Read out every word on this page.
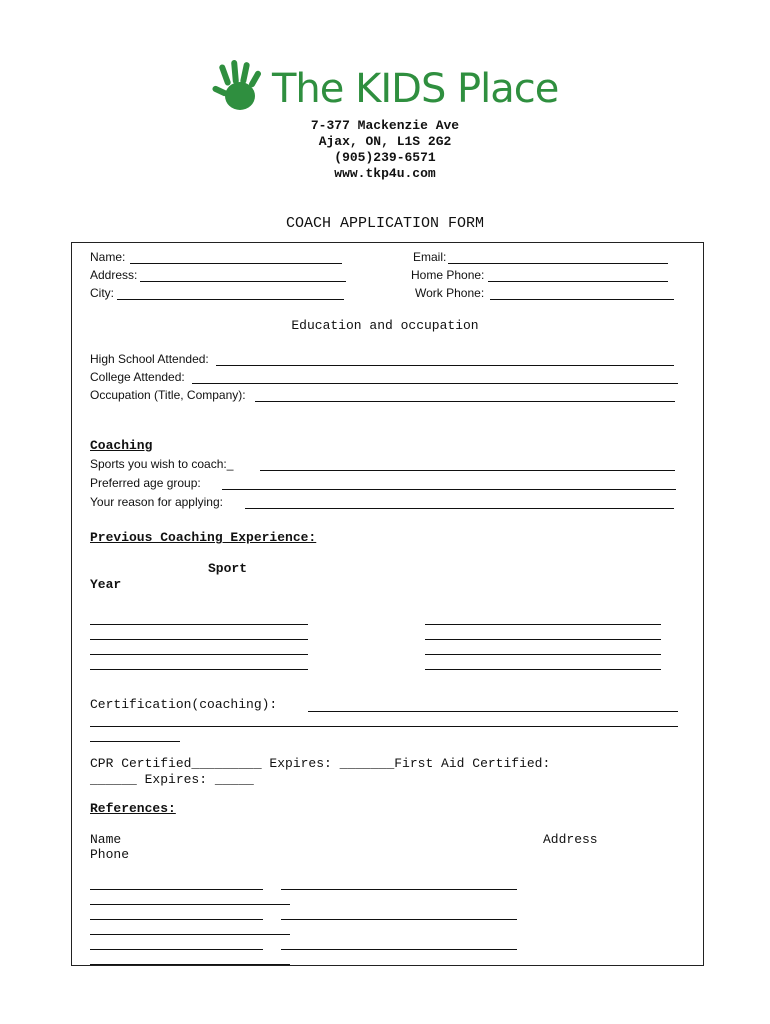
The KIDS Place
7-377 Mackenzie Ave
Ajax, ON, L1S 2G2
(905)239-6571
www.tkp4u.com
COACH APPLICATION FORM
Name:
Address:
City:
Email:
Home Phone:
Work Phone:
Education and occupation
High School Attended:
College Attended:
Occupation (Title, Company):
Coaching
Sports you wish to coach:_
Preferred age group:
Your reason for applying:
Previous Coaching Experience:
Sport
Year
Certification(coaching):
CPR Certified_________ Expires: _______First Aid Certified:
______ Expires: _____
References:
Name	Address
Phone
